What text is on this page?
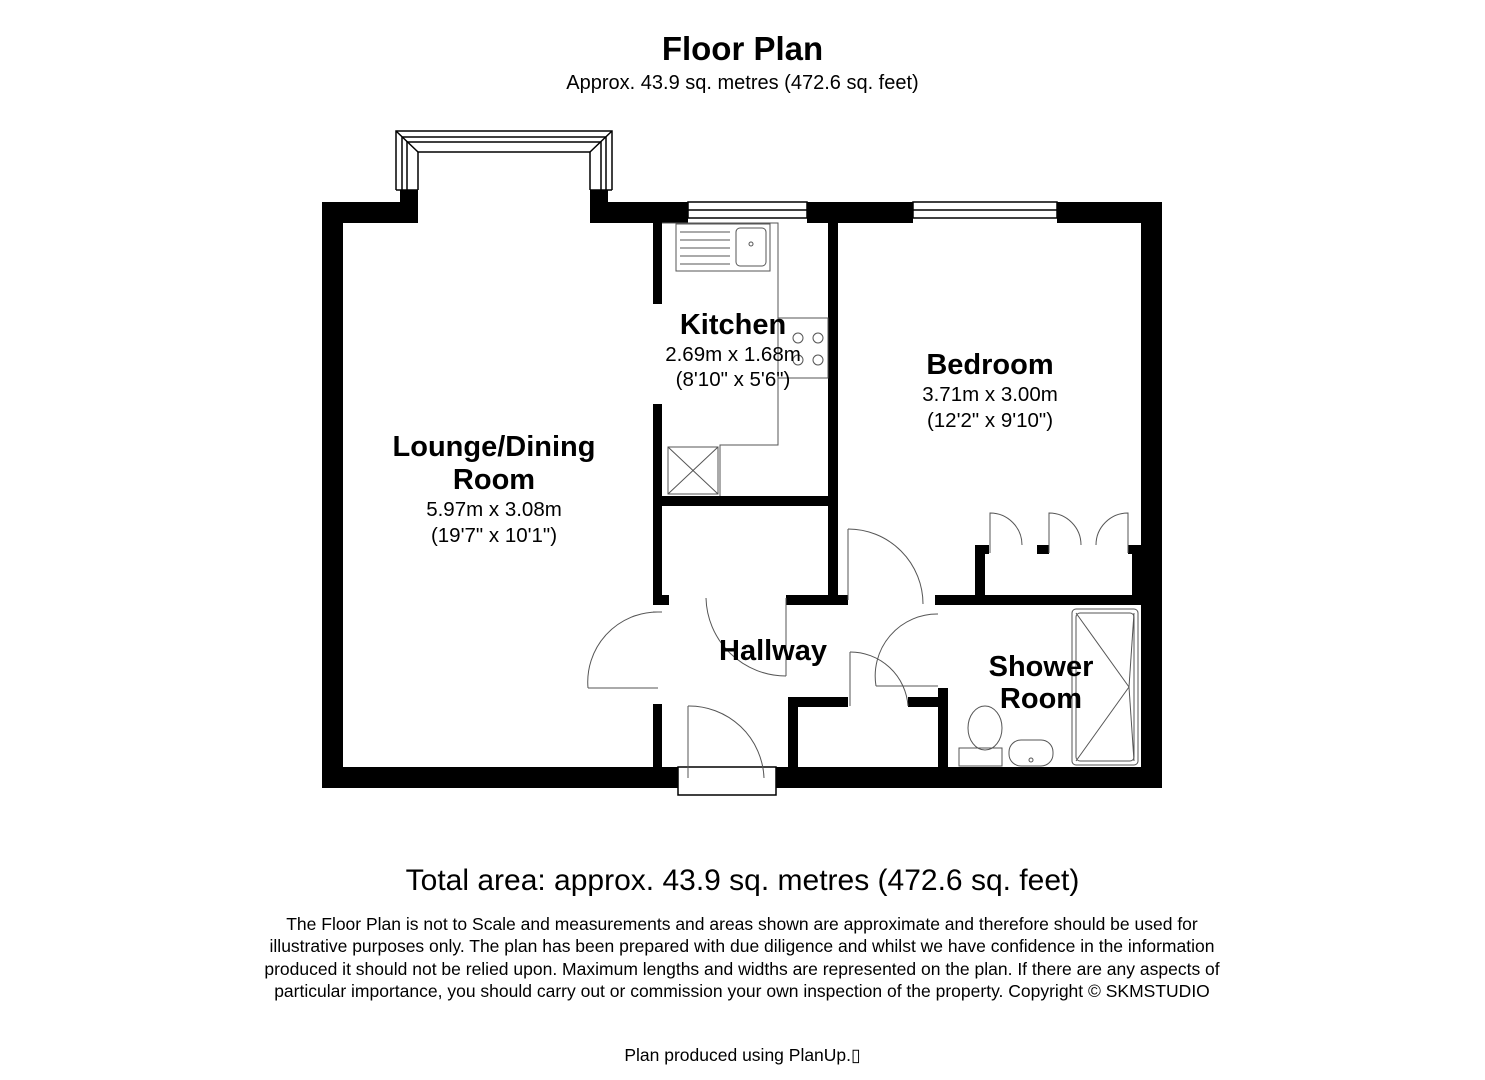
Floor Plan
Approx. 43.9 sq. metres (472.6 sq. feet)
Lounge/Dining
Room
5.97m x 3.08m
(19'7" x 10'1")
Kitchen
2.69m x 1.68m
(8'10" x 5'6")	Bedroom
3.71m x 3.00m
(12'2" x 9'10")
Hallway	Shower
Room
Total area: approx. 43.9 sq. metres (472.6 sq. feet)
The Floor Plan is not to Scale and measurements and areas shown are approximate and therefore should be used for illustrative purposes only. The plan has been prepared with due diligence and whilst we have confidence in the information produced it should not be relied upon. Maximum lengths and widths are represented on the plan. If there are any aspects of particular importance, you should carry out or commission your own inspection of the property. Copyright © SKMSTUDIO
Plan produced using PlanUp.▯
